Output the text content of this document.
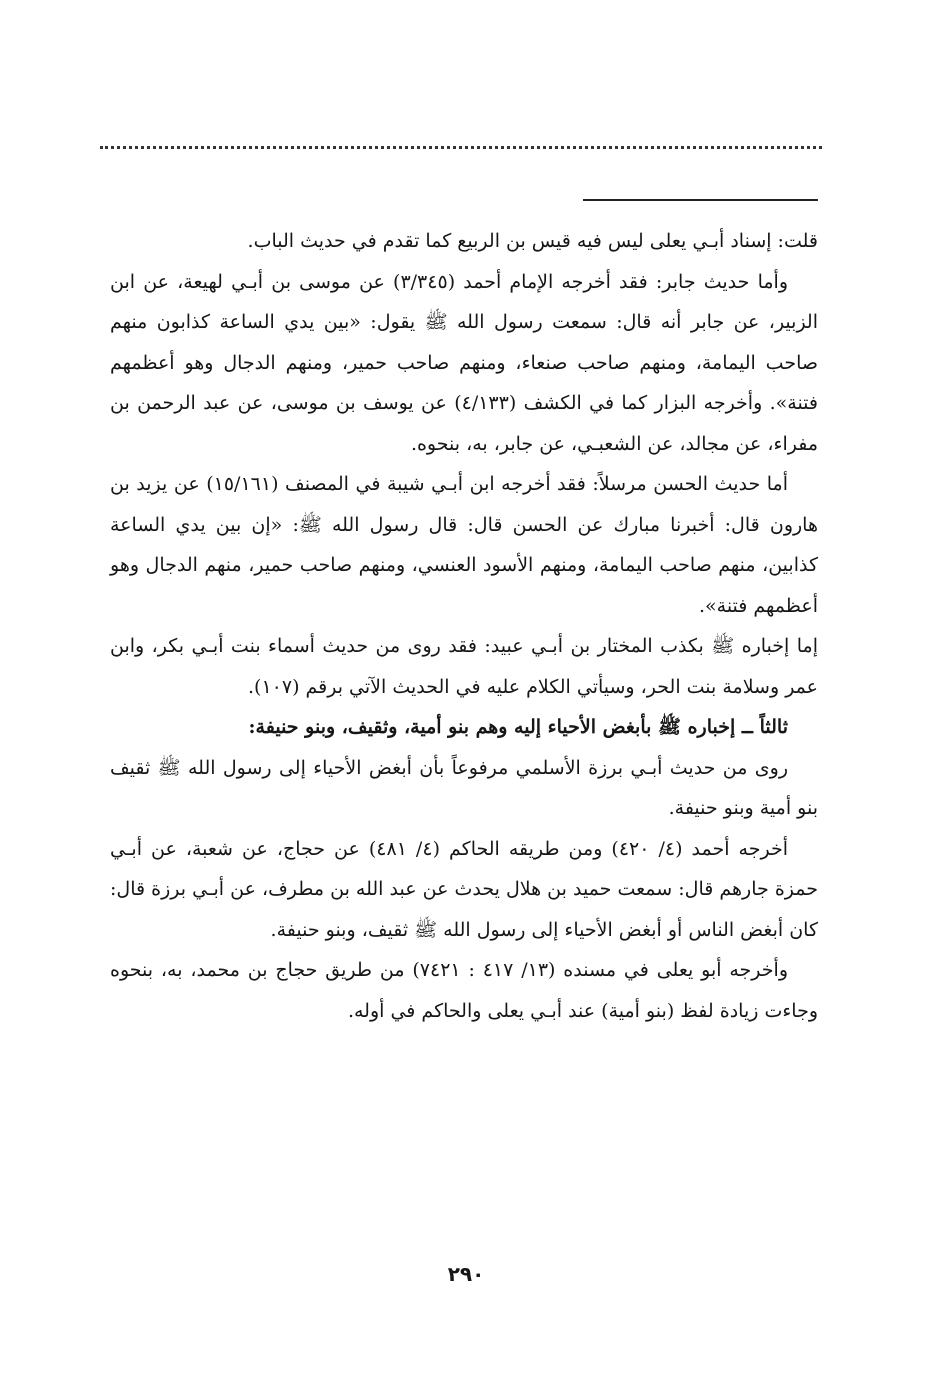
قلت: إسناد أبـي يعلى ليس فيه قيس بن الربيع كما تقدم في حديث الباب.

وأما حديث جابر: فقد أخرجه الإمام أحمد (٣/٣٤٥) عن موسى بن أبـي لهيعة، عن ابن الزبير، عن جابر أنه قال: سمعت رسول الله ﷺ يقول: «بين يدي الساعة كذابون منهم صاحب اليمامة، ومنهم صاحب صنعاء، ومنهم صاحب حمير، ومنهم الدجال وهو أعظمهم فتنة». وأخرجه البزار كما في الكشف (٤/١٣٣) عن يوسف بن موسى، عن عبد الرحمن بن مفراء، عن مجالد، عن الشعبـي، عن جابر، به، بنحوه.

أما حديث الحسن مرسلاً: فقد أخرجه ابن أبـي شيبة في المصنف (١٥/١٦١) عن يزيد بن هارون قال: أخبرنا مبارك عن الحسن قال: قال رسول الله ﷺ: «إن بين يدي الساعة كذابين، منهم صاحب اليمامة، ومنهم الأسود العنسي، ومنهم صاحب حمير، منهم الدجال وهو أعظمهم فتنة».

إما إخباره ﷺ بكذب المختار بن أبـي عبيد: فقد روى من حديث أسماء بنت أبـي بكر، وابن عمر وسلامة بنت الحر، وسيأتي الكلام عليه في الحديث الآتي برقم (١٠٧).

ثالثاً ــ إخباره ﷺ بأبغض الأحياء إليه وهم بنو أمية، وثقيف، وبنو حنيفة:

روى من حديث أبـي برزة الأسلمي مرفوعاً بأن أبغض الأحياء إلى رسول الله ﷺ ثقيف بنو أمية وبنو حنيفة.

أخرجه أحمد (٤/ ٤٢٠) ومن طريقه الحاكم (٤/ ٤٨١) عن حجاج، عن شعبة، عن أبـي حمزة جارهم قال: سمعت حميد بن هلال يحدث عن عبد الله بن مطرف، عن أبـي برزة قال: كان أبغض الناس أو أبغض الأحياء إلى رسول الله ﷺ ثقيف، وبنو حنيفة.

وأخرجه أبو يعلى في مسنده (١٣/ ٤١٧ : ٧٤٢١) من طريق حجاج بن محمد، به، بنحوه وجاءت زيادة لفظ (بنو أمية) عند أبـي يعلى والحاكم في أوله.

٢٩٠
